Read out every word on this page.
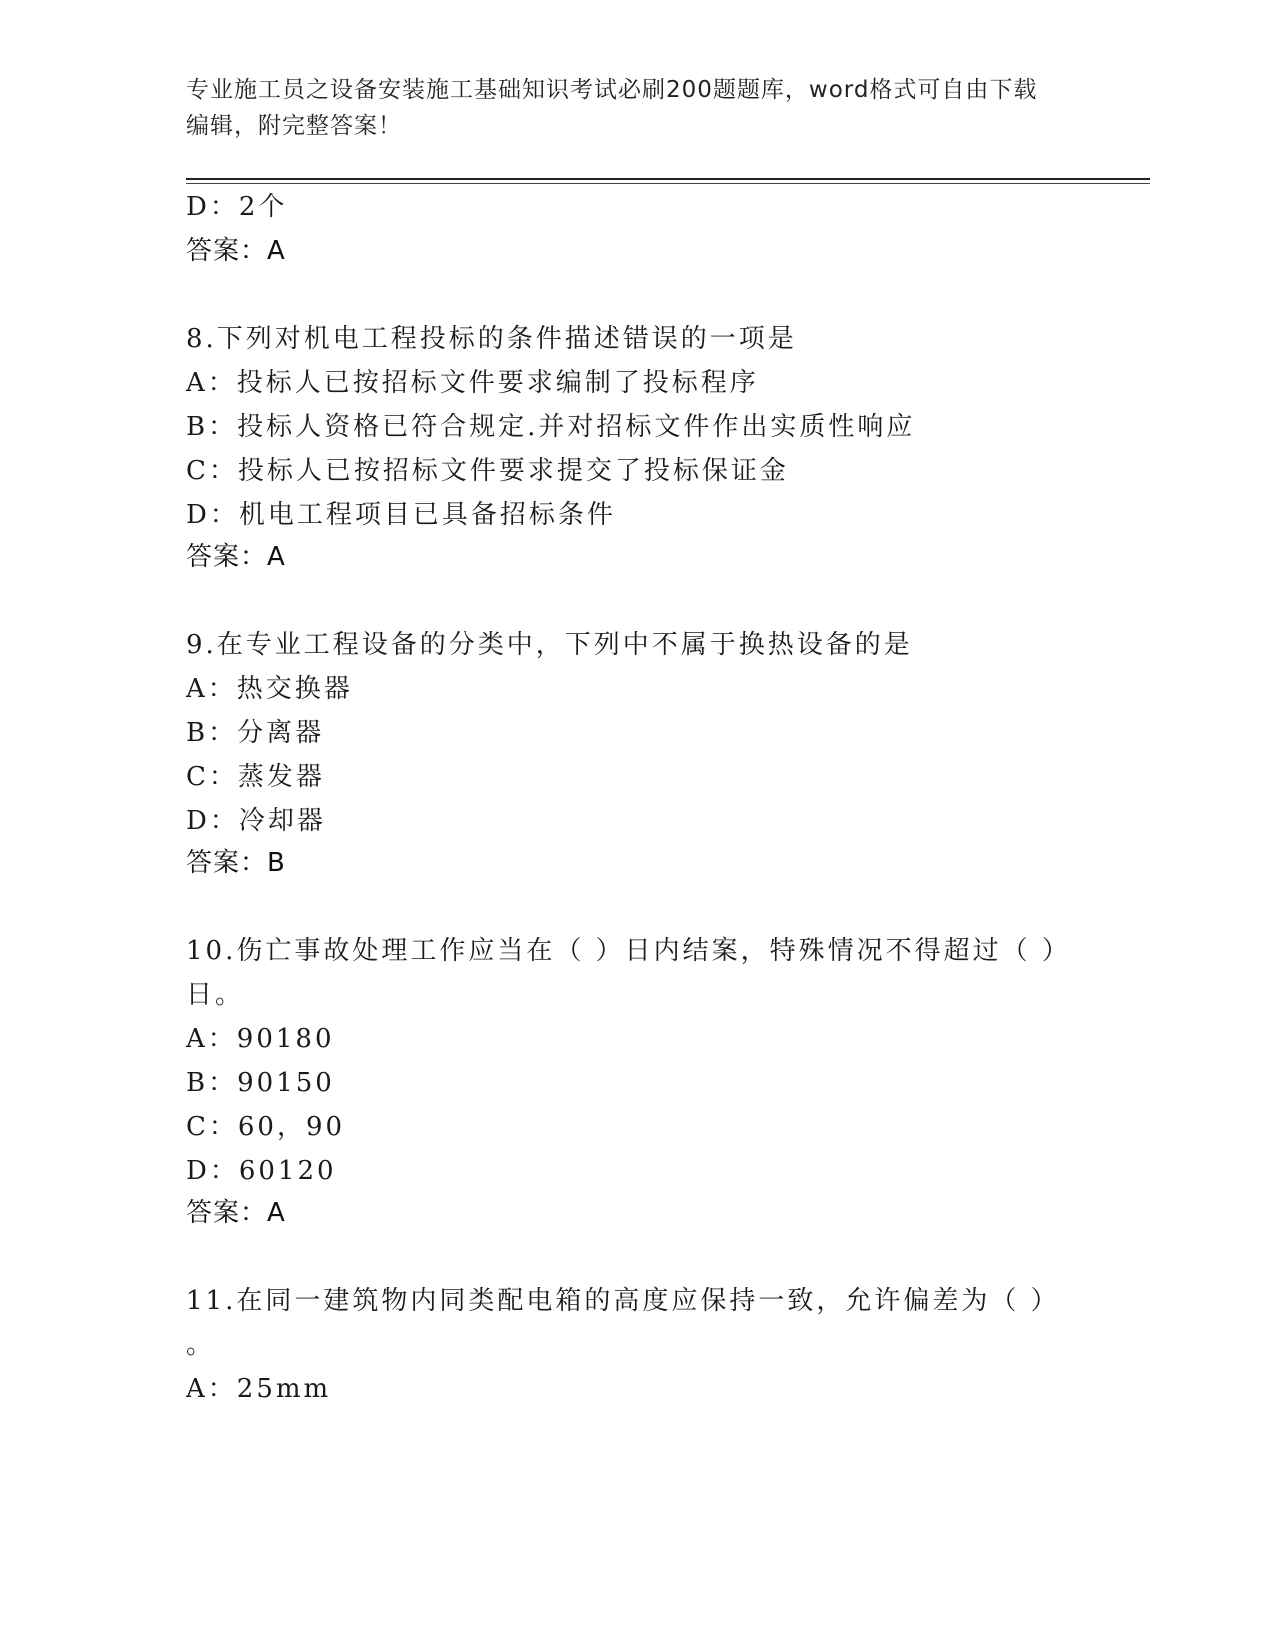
专业施工员之设备安装施工基础知识考试必刷200题题库，word格式可自由下载
编辑，附完整答案！
D：2个
答案：A
8.下列对机电工程投标的条件描述错误的一项是
A：投标人已按招标文件要求编制了投标程序
B：投标人资格已符合规定.并对招标文件作出实质性响应
C：投标人已按招标文件要求提交了投标保证金
D：机电工程项目已具备招标条件
答案：A
9.在专业工程设备的分类中，下列中不属于换热设备的是
A：热交换器
B：分离器
C：蒸发器
D：冷却器
答案：B
10.伤亡事故处理工作应当在（ ）日内结案，特殊情况不得超过（ ）
日。
A：90180
B：90150
C：60，90
D：60120
答案：A
11.在同一建筑物内同类配电箱的高度应保持一致，允许偏差为（ ）
。
A：25mm
